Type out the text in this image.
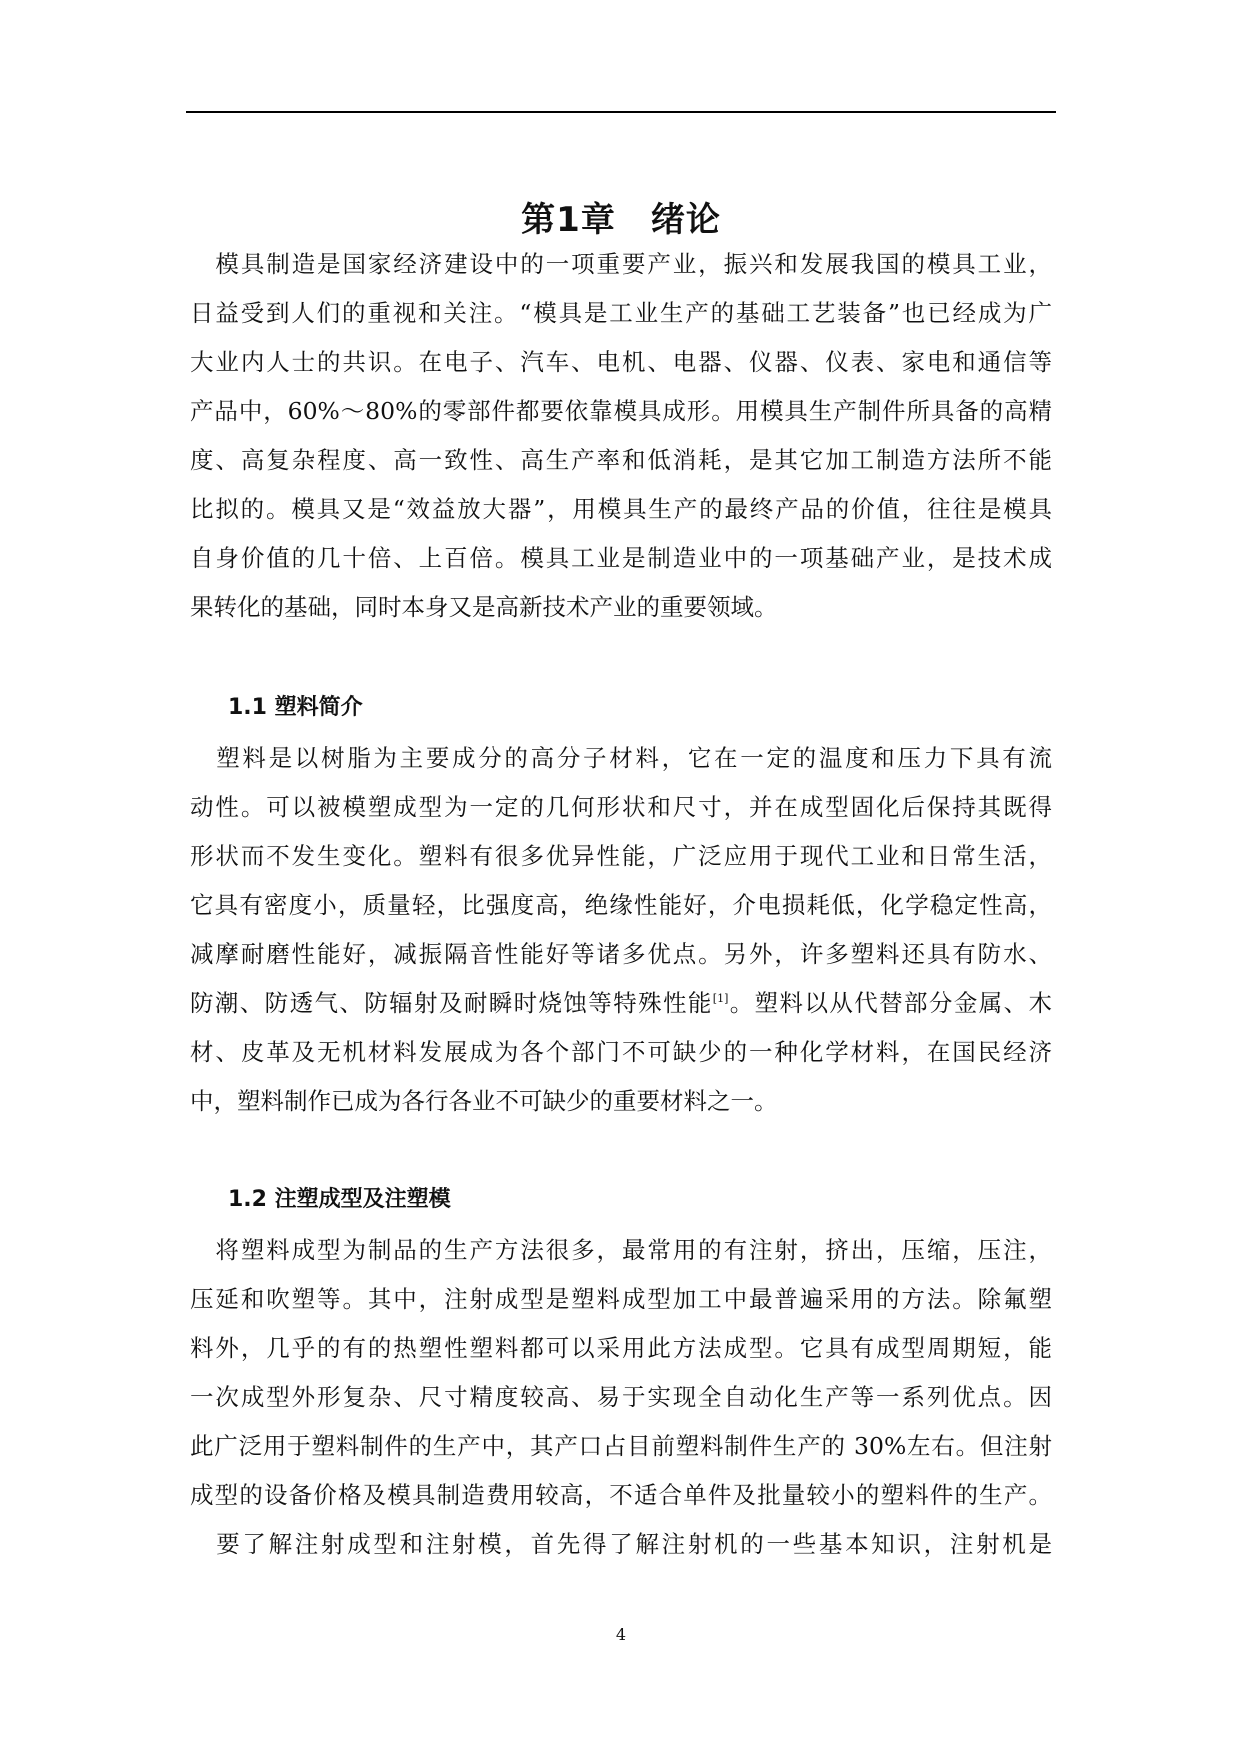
第1章　绪论
　模具制造是国家经济建设中的一项重要产业，振兴和发展我国的模具工业，
日益受到人们的重视和关注。“模具是工业生产的基础工艺装备”也已经成为广
大业内人士的共识。在电子、汽车、电机、电器、仪器、仪表、家电和通信等
产品中，60%～80%的零部件都要依靠模具成形。用模具生产制件所具备的高精
度、高复杂程度、高一致性、高生产率和低消耗，是其它加工制造方法所不能
比拟的。模具又是“效益放大器”，用模具生产的最终产品的价值，往往是模具
自身价值的几十倍、上百倍。模具工业是制造业中的一项基础产业，是技术成
果转化的基础，同时本身又是高新技术产业的重要领域。
1.1 塑料简介
　塑料是以树脂为主要成分的高分子材料，它在一定的温度和压力下具有流
动性。可以被模塑成型为一定的几何形状和尺寸，并在成型固化后保持其既得
形状而不发生变化。塑料有很多优异性能，广泛应用于现代工业和日常生活，
它具有密度小，质量轻，比强度高，绝缘性能好，介电损耗低，化学稳定性高，
减摩耐磨性能好，减振隔音性能好等诸多优点。另外，许多塑料还具有防水、
防潮、防透气、防辐射及耐瞬时烧蚀等特殊性能[1]。塑料以从代替部分金属、木
材、皮革及无机材料发展成为各个部门不可缺少的一种化学材料，在国民经济
中，塑料制作已成为各行各业不可缺少的重要材料之一。
1.2 注塑成型及注塑模
　将塑料成型为制品的生产方法很多，最常用的有注射，挤出，压缩，压注，
压延和吹塑等。其中，注射成型是塑料成型加工中最普遍采用的方法。除氟塑
料外，几乎的有的热塑性塑料都可以采用此方法成型。它具有成型周期短，能
一次成型外形复杂、尺寸精度较高、易于实现全自动化生产等一系列优点。因
此广泛用于塑料制件的生产中，其产口占目前塑料制件生产的 30%左右。但注射
成型的设备价格及模具制造费用较高，不适合单件及批量较小的塑料件的生产。
　要了解注射成型和注射模，首先得了解注射机的一些基本知识，注射机是
4
